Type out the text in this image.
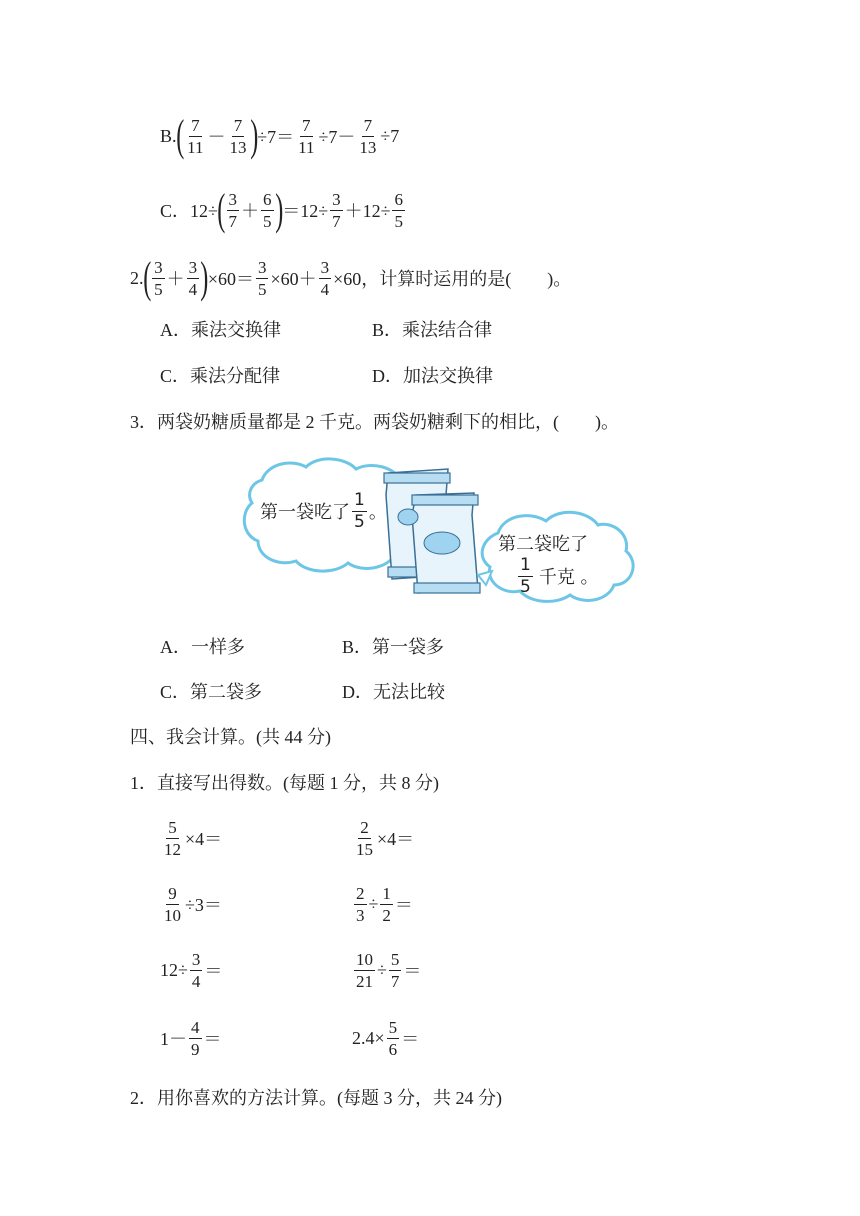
B. ( $\frac{7}{11} - \frac{7}{13}$ ) $\div 7= \frac{7}{11} \div 7- \frac{7}{13} \div 7$
C．12÷ ( $\frac{3}{7} + \frac{6}{5}$ ) $=12\div \frac{3}{7} +12\div \frac{6}{5}$
2. ( $\frac{3}{5} + \frac{3}{4}$ ) $\times 60= \frac{3}{5} \times 60+ \frac{3}{4} \times 60$，计算时运用的是(　　)。
A．乘法交换律	B．乘法结合律
C．乘法分配律	D．加法交换律
3．两袋奶糖质量都是 2 千克。两袋奶糖剩下的相比，(　　)。
第一袋吃了 $\frac{1}{5}$ 。
第二袋吃了
$\frac{1}{5}$ 千克 。
A．一样多	B．第一袋多
C．第二袋多	D．无法比较
四、我会计算。(共 44 分)
1．直接写出得数。(每题 1 分，共 8 分)
$\frac{5}{12} \times 4=$	$\frac{2}{15} \times 4=$
$\frac{9}{10} \div 3=$	$\frac{2}{3} \div \frac{1}{2}$ ＝
$12\div \frac{3}{4}$ ＝	$\frac{10}{21} \div \frac{5}{7}$ ＝
$1- \frac{4}{9}$ ＝	$2.4\times \frac{5}{6}$ ＝
2．用你喜欢的方法计算。(每题 3 分，共 24 分)
